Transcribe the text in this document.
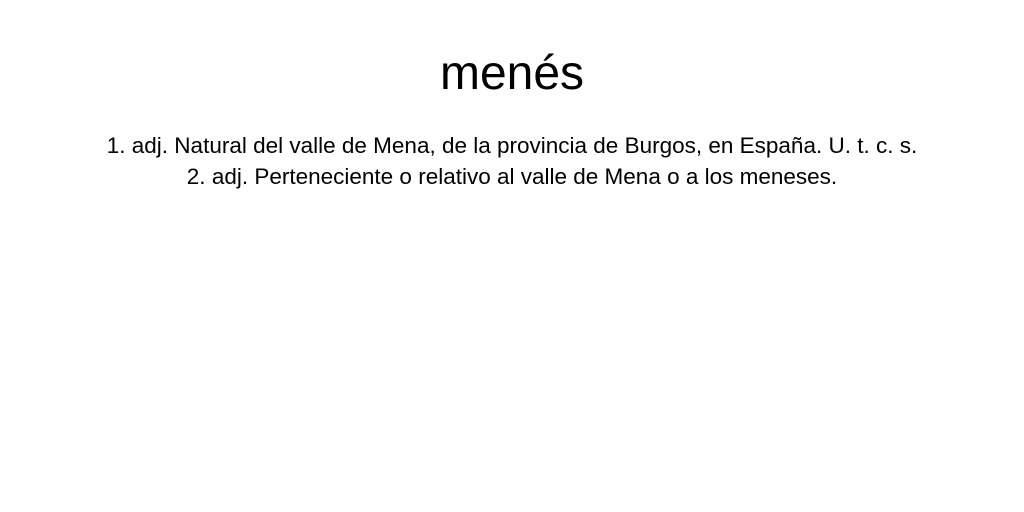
menés

1. adj. Natural del valle de Mena, de la provincia de Burgos, en España. U. t. c. s.

2. adj. Perteneciente o relativo al valle de Mena o a los meneses.
